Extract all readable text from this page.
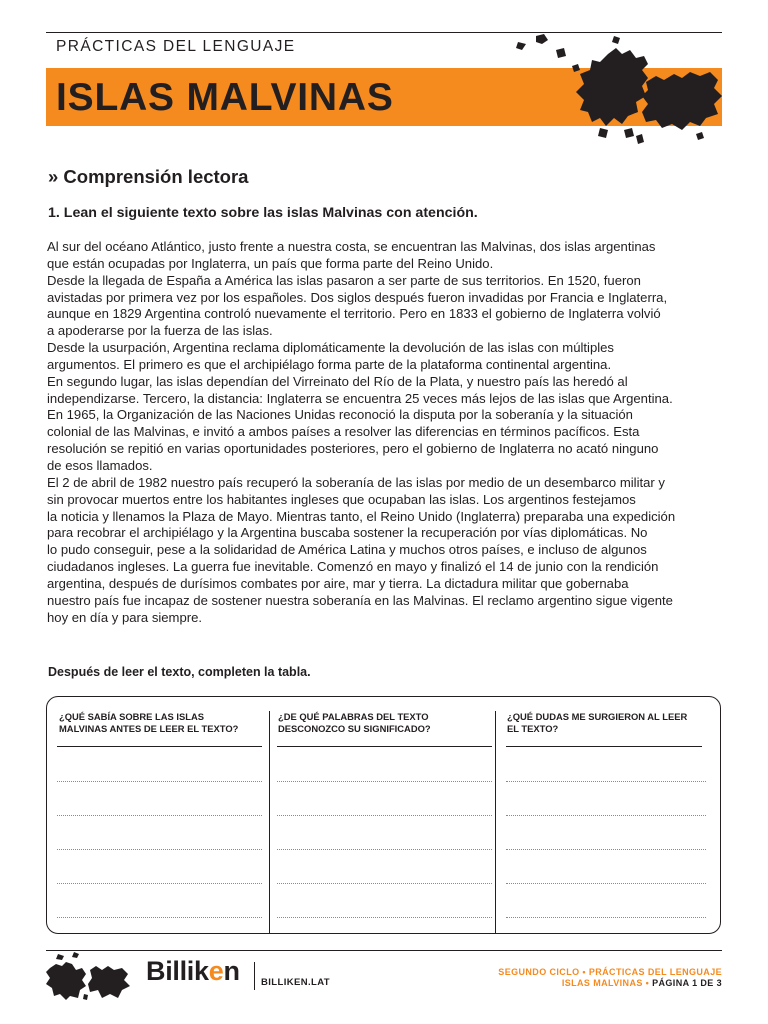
PRÁCTICAS DEL LENGUAJE
ISLAS MALVINAS
» Comprensión lectora

1. Lean el siguiente texto sobre las islas Malvinas con atención.

Al sur del océano Atlántico, justo frente a nuestra costa, se encuentran las Malvinas, dos islas argentinas
que están ocupadas por Inglaterra, un país que forma parte del Reino Unido.
Desde la llegada de España a América las islas pasaron a ser parte de sus territorios. En 1520, fueron
avistadas por primera vez por los españoles. Dos siglos después fueron invadidas por Francia e Inglaterra,
aunque en 1829 Argentina controló nuevamente el territorio. Pero en 1833 el gobierno de Inglaterra volvió
a apoderarse por la fuerza de las islas.
Desde la usurpación, Argentina reclama diplomáticamente la devolución de las islas con múltiples
argumentos. El primero es que el archipiélago forma parte de la plataforma continental argentina.
En segundo lugar, las islas dependían del Virreinato del Río de la Plata, y nuestro país las heredó al
independizarse. Tercero, la distancia: Inglaterra se encuentra 25 veces más lejos de las islas que Argentina.
En 1965, la Organización de las Naciones Unidas reconoció la disputa por la soberanía y la situación
colonial de las Malvinas, e invitó a ambos países a resolver las diferencias en términos pacíficos. Esta
resolución se repitió en varias oportunidades posteriores, pero el gobierno de Inglaterra no acató ninguno
de esos llamados.
El 2 de abril de 1982 nuestro país recuperó la soberanía de las islas por medio de un desembarco militar y
sin provocar muertos entre los habitantes ingleses que ocupaban las islas. Los argentinos festejamos
la noticia y llenamos la Plaza de Mayo. Mientras tanto, el Reino Unido (Inglaterra) preparaba una expedición
para recobrar el archipiélago y la Argentina buscaba sostener la recuperación por vías diplomáticas. No
lo pudo conseguir, pese a la solidaridad de América Latina y muchos otros países, e incluso de algunos
ciudadanos ingleses. La guerra fue inevitable. Comenzó en mayo y finalizó el 14 de junio con la rendición
argentina, después de durísimos combates por aire, mar y tierra. La dictadura militar que gobernaba
nuestro país fue incapaz de sostener nuestra soberanía en las Malvinas. El reclamo argentino sigue vigente
hoy en día y para siempre.

Después de leer el texto, completen la tabla.

¿QUÉ SABÍA SOBRE LAS ISLAS
MALVINAS ANTES DE LEER EL TEXTO?
¿DE QUÉ PALABRAS DEL TEXTO
DESCONOZCO SU SIGNIFICADO?
¿QUÉ DUDAS ME SURGIERON AL LEER
EL TEXTO?
Billiken BILLIKEN.LAT
SEGUNDO CICLO • PRÁCTICAS DEL LENGUAJE
ISLAS MALVINAS • PÁGINA 1 DE 3
